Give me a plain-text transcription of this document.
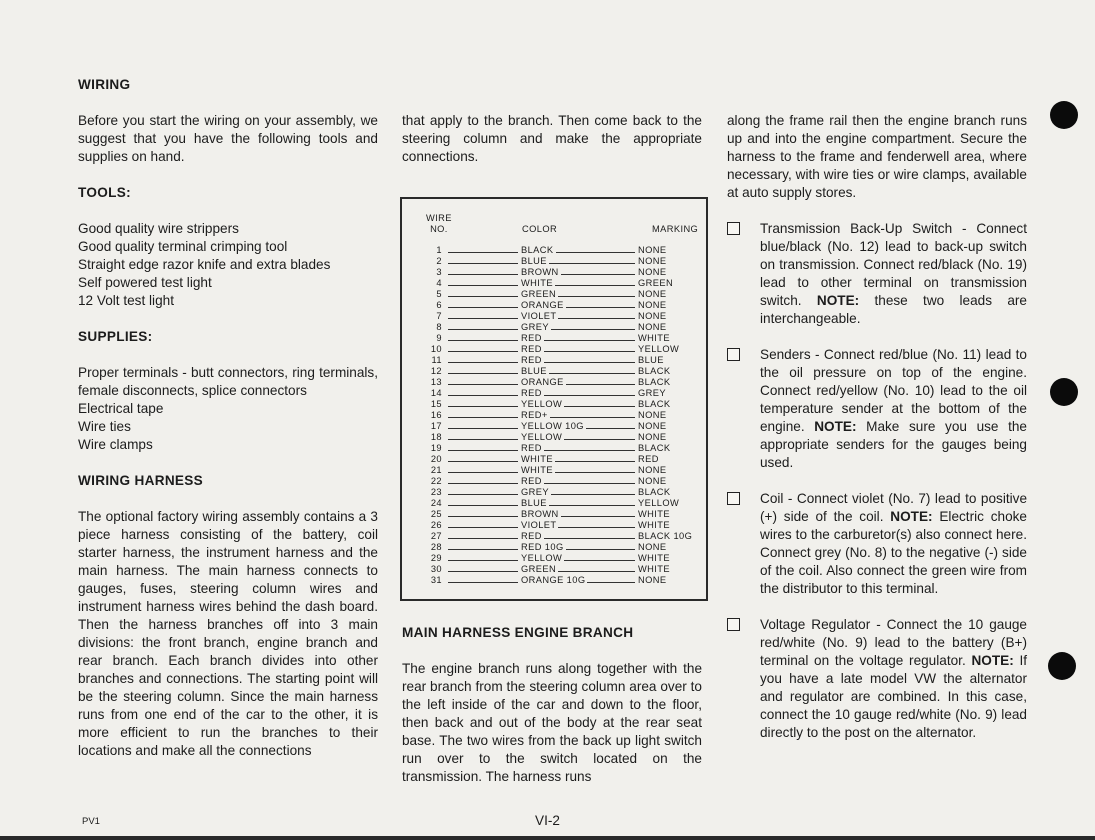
WIRING

Before you start the wiring on your assembly, we suggest that you have the following tools and supplies on hand.

TOOLS:
Good quality wire strippers
Good quality terminal crimping tool
Straight edge razor knife and extra blades
Self powered test light
12 Volt test light
SUPPLIES:

Proper terminals - butt connectors, ring terminals, female disconnects, splice connectors

Electrical tape
Wire ties
Wire clamps
WIRING HARNESS

The optional factory wiring assembly contains a 3 piece harness consisting of the battery, coil starter harness, the instrument harness and the main harness. The main harness connects to gauges, fuses, steering column wires and instrument harness wires behind the dash board. Then the harness branches off into 3 main divisions: the front branch, engine branch and rear branch. Each branch divides into other branches and connections. The starting point will be the steering column. Since the main harness runs from one end of the car to the other, it is more efficient to run the branches to their locations and make all the connections

that apply to the branch. Then come back to the steering column and make the appropriate connections.

WIRE
NO.	COLOR	MARKING
1	BLACK	NONE
2	BLUE	NONE
3	BROWN	NONE
4	WHITE	GREEN
5	GREEN	NONE
6	ORANGE	NONE
7	VIOLET	NONE
8	GREY	NONE
9	RED	WHITE
10	RED	YELLOW
11	RED	BLUE
12	BLUE	BLACK
13	ORANGE	BLACK
14	RED	GREY
15	YELLOW	BLACK
16	RED+	NONE
17	YELLOW 10G	NONE
18	YELLOW	NONE
19	RED	BLACK
20	WHITE	RED
21	WHITE	NONE
22	RED	NONE
23	GREY	BLACK
24	BLUE	YELLOW
25	BROWN	WHITE
26	VIOLET	WHITE
27	RED	BLACK 10G
28	RED 10G	NONE
29	YELLOW	WHITE
30	GREEN	WHITE
31	ORANGE 10G	NONE
MAIN HARNESS ENGINE BRANCH

The engine branch runs along together with the rear branch from the steering column area over to the left inside of the car and down to the floor, then back and out of the body at the rear seat base. The two wires from the back up light switch run over to the switch located on the transmission. The harness runs

along the frame rail then the engine branch runs up and into the engine compartment. Secure the harness to the frame and fenderwell area, where necessary, with wire ties or wire clamps, available at auto supply stores.

Transmission Back-Up Switch - Connect blue/black (No. 12) lead to back-up switch on transmission. Connect red/black (No. 19) lead to other terminal on transmission switch. NOTE: these two leads are interchangeable.

Senders - Connect red/blue (No. 11) lead to the oil pressure on top of the engine. Connect red/yellow (No. 10) lead to the oil temperature sender at the bottom of the engine. NOTE: Make sure you use the appropriate senders for the gauges being used.

Coil - Connect violet (No. 7) lead to positive (+) side of the coil. NOTE: Electric choke wires to the carburetor(s) also connect here. Connect grey (No. 8) to the negative (-) side of the coil. Also connect the green wire from the distributor to this terminal.

Voltage Regulator - Connect the 10 gauge red/white (No. 9) lead to the battery (B+) terminal on the voltage regulator. NOTE: If you have a late model VW the alternator and regulator are combined. In this case, connect the 10 gauge red/white (No. 9) lead directly to the post on the alternator.

PV1	VI-2
